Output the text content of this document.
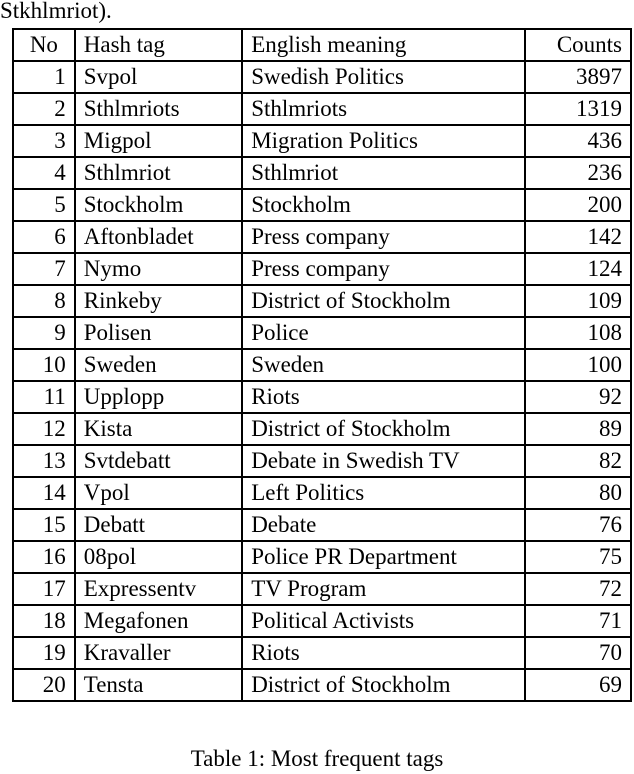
Stkhlmriot).
No	Hash tag	English meaning	Counts
1	Svpol	Swedish Politics	3897
2	Sthlmriots	Sthlmriots	1319
3	Migpol	Migration Politics	436
4	Sthlmriot	Sthlmriot	236
5	Stockholm	Stockholm	200
6	Aftonbladet	Press company	142
7	Nymo	Press company	124
8	Rinkeby	District of Stockholm	109
9	Polisen	Police	108
10	Sweden	Sweden	100
11	Upplopp	Riots	92
12	Kista	District of Stockholm	89
13	Svtdebatt	Debate in Swedish TV	82
14	Vpol	Left Politics	80
15	Debatt	Debate	76
16	08pol	Police PR Department	75
17	Expressentv	TV Program	72
18	Megafonen	Political Activists	71
19	Kravaller	Riots	70
20	Tensta	District of Stockholm	69
Table 1: Most frequent tags
